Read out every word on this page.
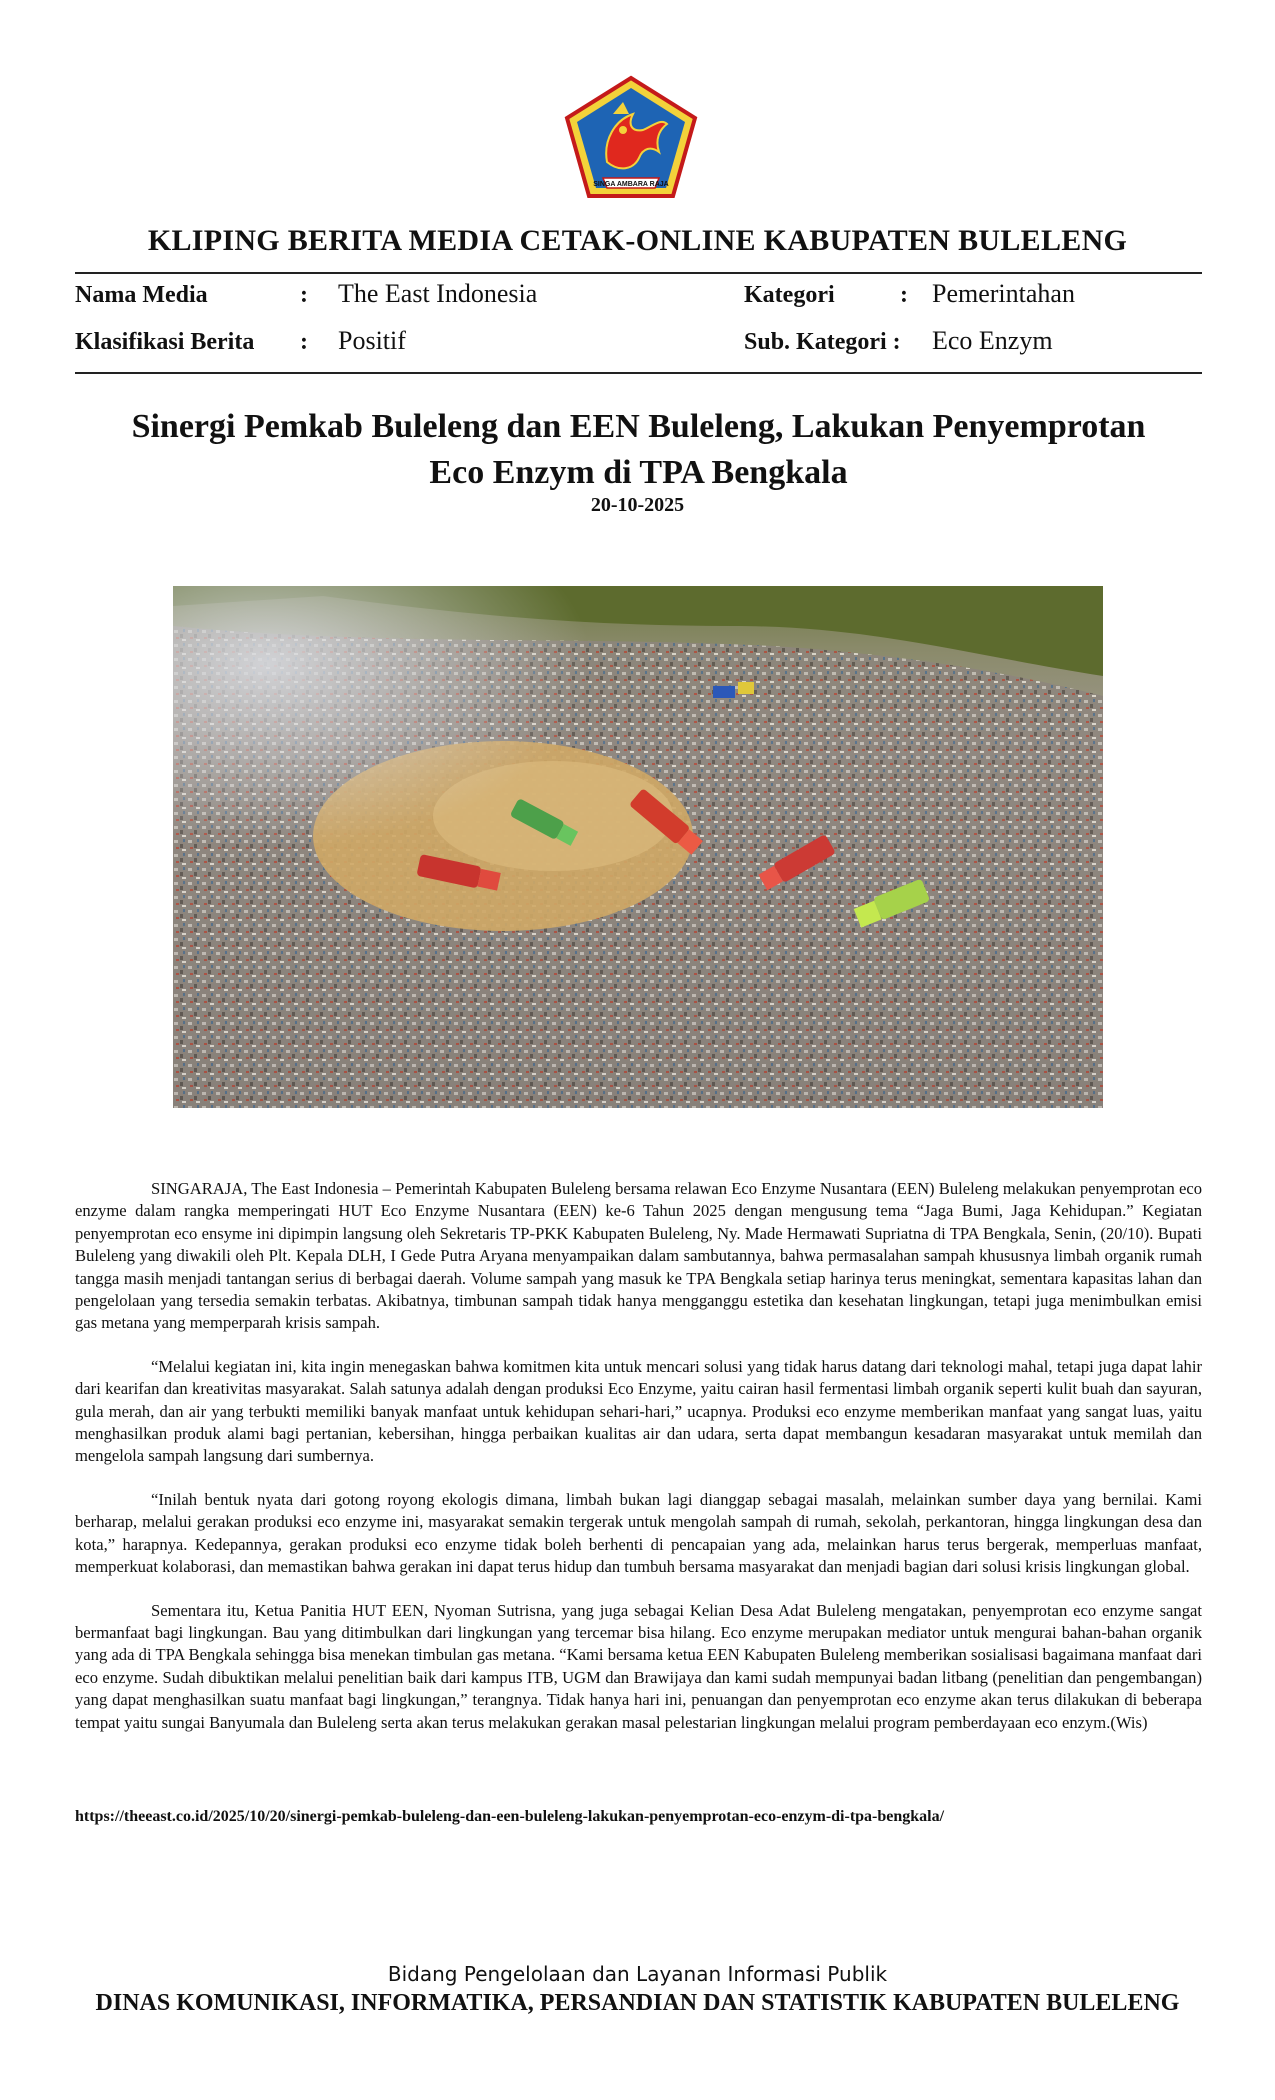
SINGA AMBARA RAJA
KLIPING BERITA MEDIA CETAK-ONLINE KABUPATEN BULELENG
Nama Media	: The East Indonesia	Kategori	: Pemerintahan
Klasifikasi Berita : Positif	Sub. Kategori : Eco Enzym
Sinergi Pemkab Buleleng dan EEN Buleleng, Lakukan Penyemprotan
Eco Enzym di TPA Bengkala
20-10-2025

SINGARAJA, The East Indonesia – Pemerintah Kabupaten Buleleng bersama relawan Eco Enzyme Nusantara (EEN) Buleleng melakukan penyemprotan eco enzyme dalam rangka memperingati HUT Eco Enzyme Nusantara (EEN) ke-6 Tahun 2025 dengan mengusung tema “Jaga Bumi, Jaga Kehidupan.” Kegiatan penyemprotan eco ensyme ini dipimpin langsung oleh Sekretaris TP-PKK Kabupaten Buleleng, Ny. Made Hermawati Supriatna di TPA Bengkala, Senin, (20/10). Bupati Buleleng yang diwakili oleh Plt. Kepala DLH, I Gede Putra Aryana menyampaikan dalam sambutannya, bahwa permasalahan sampah khususnya limbah organik rumah tangga masih menjadi tantangan serius di berbagai daerah. Volume sampah yang masuk ke TPA Bengkala setiap harinya terus meningkat, sementara kapasitas lahan dan pengelolaan yang tersedia semakin terbatas. Akibatnya, timbunan sampah tidak hanya mengganggu estetika dan kesehatan lingkungan, tetapi juga menimbulkan emisi gas metana yang memperparah krisis sampah.

“Melalui kegiatan ini, kita ingin menegaskan bahwa komitmen kita untuk mencari solusi yang tidak harus datang dari teknologi mahal, tetapi juga dapat lahir dari kearifan dan kreativitas masyarakat. Salah satunya adalah dengan produksi Eco Enzyme, yaitu cairan hasil fermentasi limbah organik seperti kulit buah dan sayuran, gula merah, dan air yang terbukti memiliki banyak manfaat untuk kehidupan sehari-hari,” ucapnya. Produksi eco enzyme memberikan manfaat yang sangat luas, yaitu menghasilkan produk alami bagi pertanian, kebersihan, hingga perbaikan kualitas air dan udara, serta dapat membangun kesadaran masyarakat untuk memilah dan mengelola sampah langsung dari sumbernya.

“Inilah bentuk nyata dari gotong royong ekologis dimana, limbah bukan lagi dianggap sebagai masalah, melainkan sumber daya yang bernilai. Kami berharap, melalui gerakan produksi eco enzyme ini, masyarakat semakin tergerak untuk mengolah sampah di rumah, sekolah, perkantoran, hingga lingkungan desa dan kota,” harapnya. Kedepannya, gerakan produksi eco enzyme tidak boleh berhenti di pencapaian yang ada, melainkan harus terus bergerak, memperluas manfaat, memperkuat kolaborasi, dan memastikan bahwa gerakan ini dapat terus hidup dan tumbuh bersama masyarakat dan menjadi bagian dari solusi krisis lingkungan global.

Sementara itu, Ketua Panitia HUT EEN, Nyoman Sutrisna, yang juga sebagai Kelian Desa Adat Buleleng mengatakan, penyemprotan eco enzyme sangat bermanfaat bagi lingkungan. Bau yang ditimbulkan dari lingkungan yang tercemar bisa hilang. Eco enzyme merupakan mediator untuk mengurai bahan-bahan organik yang ada di TPA Bengkala sehingga bisa menekan timbulan gas metana. “Kami bersama ketua EEN Kabupaten Buleleng memberikan sosialisasi bagaimana manfaat dari eco enzyme. Sudah dibuktikan melalui penelitian baik dari kampus ITB, UGM dan Brawijaya dan kami sudah mempunyai badan litbang (penelitian dan pengembangan) yang dapat menghasilkan suatu manfaat bagi lingkungan,” terangnya. Tidak hanya hari ini, penuangan dan penyemprotan eco enzyme akan terus dilakukan di beberapa tempat yaitu sungai Banyumala dan Buleleng serta akan terus melakukan gerakan masal pelestarian lingkungan melalui program pemberdayaan eco enzym.(Wis)

https://theeast.co.id/2025/10/20/sinergi-pemkab-buleleng-dan-een-buleleng-lakukan-penyemprotan-eco-enzym-di-tpa-bengkala/
Bidang Pengelolaan dan Layanan Informasi Publik
DINAS KOMUNIKASI, INFORMATIKA, PERSANDIAN DAN STATISTIK KABUPATEN BULELENG
